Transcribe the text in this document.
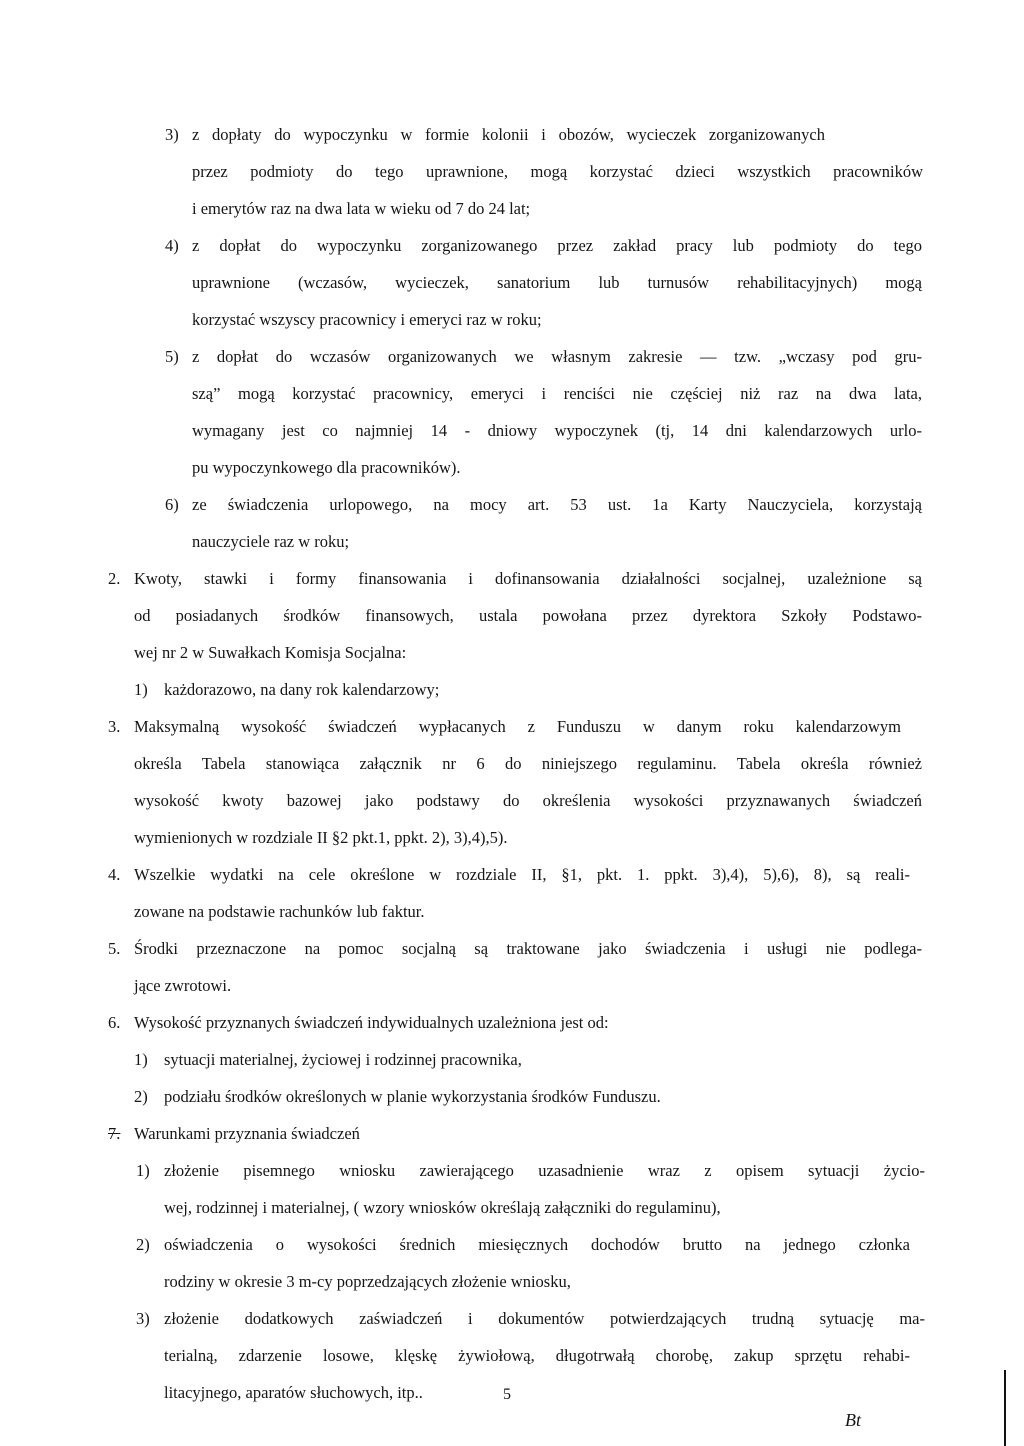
3) z dopłaty do wypoczynku w formie kolonii i obozów, wycieczek zorganizowanych
przez podmioty do tego uprawnione, mogą korzystać dzieci wszystkich pracowników
i emerytów raz na dwa lata w wieku od 7 do 24 lat;
4) z dopłat do wypoczynku zorganizowanego przez zakład pracy lub podmioty do tego
uprawnione (wczasów, wycieczek, sanatorium lub turnusów rehabilitacyjnych) mogą
korzystać wszyscy pracownicy i emeryci raz w roku;
5) z dopłat do wczasów organizowanych we własnym zakresie — tzw. „wczasy pod gru-
szą” mogą korzystać pracownicy, emeryci i renciści nie częściej niż raz na dwa lata,
wymagany jest co najmniej 14 - dniowy wypoczynek (tj, 14 dni kalendarzowych urlo-
pu wypoczynkowego dla pracowników).
6) ze świadczenia urlopowego, na mocy art. 53 ust. 1a Karty Nauczyciela, korzystają
nauczyciele raz w roku;
2. Kwoty, stawki i formy finansowania i dofinansowania działalności socjalnej, uzależnione są
od posiadanych środków finansowych, ustala powołana przez dyrektora Szkoły Podstawo-
wej nr 2 w Suwałkach Komisja Socjalna:
1) każdorazowo, na dany rok kalendarzowy;
3. Maksymalną wysokość świadczeń wypłacanych z Funduszu w danym roku kalendarzowym
określa Tabela stanowiąca załącznik nr 6 do niniejszego regulaminu. Tabela określa również
wysokość kwoty bazowej jako podstawy do określenia wysokości przyznawanych świadczeń
wymienionych w rozdziale II §2 pkt.1, ppkt. 2), 3),4),5).
4. Wszelkie wydatki na cele określone w rozdziale II, §1, pkt. 1. ppkt. 3),4), 5),6), 8), są reali-
zowane na podstawie rachunków lub faktur.
5. Środki przeznaczone na pomoc socjalną są traktowane jako świadczenia i usługi nie podlega-
jące zwrotowi.
6. Wysokość przyznanych świadczeń indywidualnych uzależniona jest od:
1) sytuacji materialnej, życiowej i rodzinnej pracownika,
2) podziału środków określonych w planie wykorzystania środków Funduszu.
7. Warunkami przyznania świadczeń
1) złożenie pisemnego wniosku zawierającego uzasadnienie wraz z opisem sytuacji życio-
wej, rodzinnej i materialnej, ( wzory wniosków określają załączniki do regulaminu),
2) oświadczenia o wysokości średnich miesięcznych dochodów brutto na jednego członka
rodziny w okresie 3 m-cy poprzedzających złożenie wniosku,
3) złożenie dodatkowych zaświadczeń i dokumentów potwierdzających trudną sytuację ma-
terialną, zdarzenie losowe, klęskę żywiołową, długotrwałą chorobę, zakup sprzętu rehabi-
litacyjnego, aparatów słuchowych, itp..	5
Bt
